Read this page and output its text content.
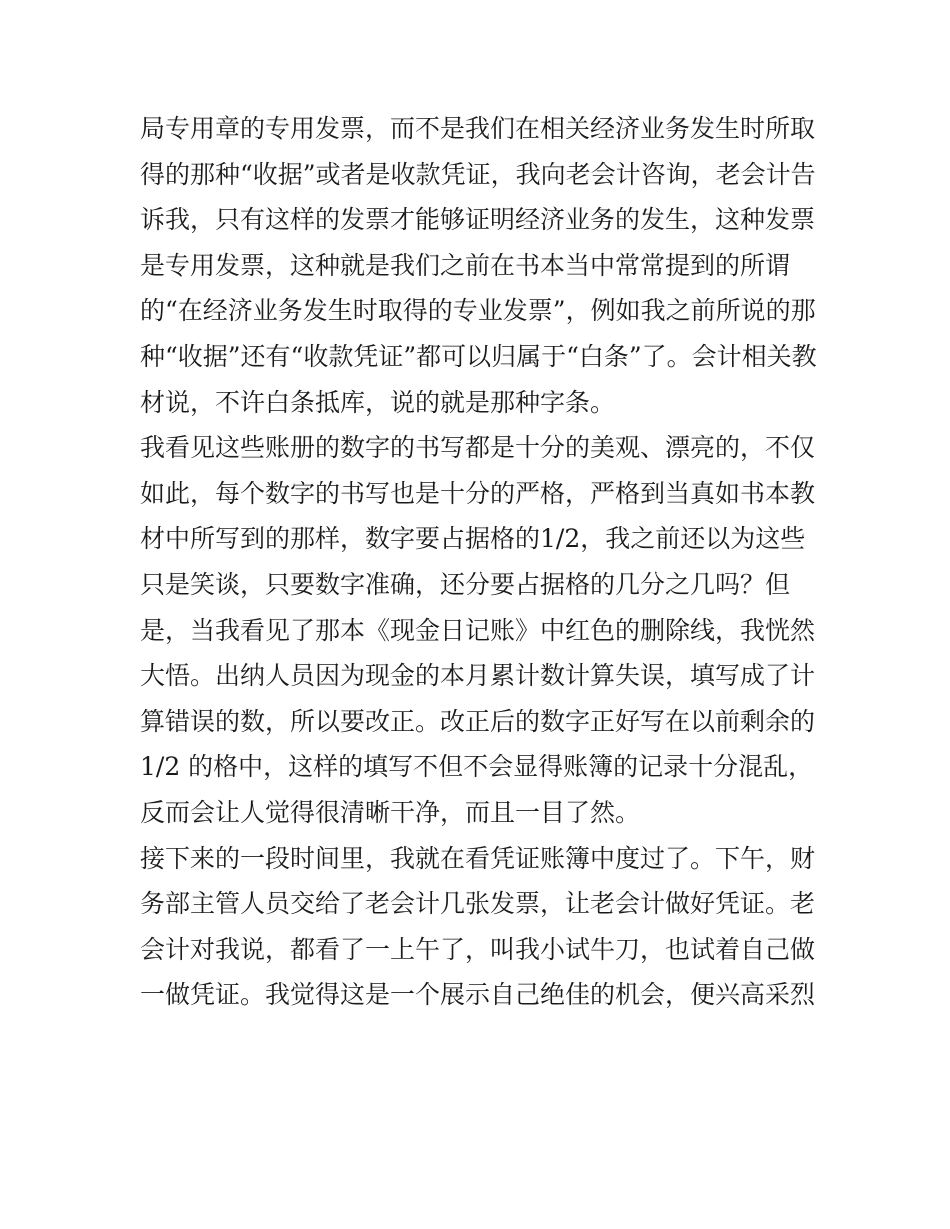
局专用章的专用发票，而不是我们在相关经济业务发生时所取
得的那种“收据”或者是收款凭证，我向老会计咨询，老会计告
诉我，只有这样的发票才能够证明经济业务的发生，这种发票
是专用发票，这种就是我们之前在书本当中常常提到的所谓
的“在经济业务发生时取得的专业发票”，例如我之前所说的那
种“收据”还有“收款凭证”都可以归属于“白条”了。会计相关教
材说，不许白条抵库，说的就是那种字条。
我看见这些账册的数字的书写都是十分的美观、漂亮的，不仅
如此，每个数字的书写也是十分的严格，严格到当真如书本教
材中所写到的那样，数字要占据格的1/2，我之前还以为这些
只是笑谈，只要数字准确，还分要占据格的几分之几吗？但
是，当我看见了那本《现金日记账》中红色的删除线，我恍然
大悟。出纳人员因为现金的本月累计数计算失误，填写成了计
算错误的数，所以要改正。改正后的数字正好写在以前剩余的
1/2 的格中，这样的填写不但不会显得账簿的记录十分混乱，
反而会让人觉得很清晰干净，而且一目了然。
接下来的一段时间里，我就在看凭证账簿中度过了。下午，财
务部主管人员交给了老会计几张发票，让老会计做好凭证。老
会计对我说，都看了一上午了，叫我小试牛刀，也试着自己做
一做凭证。我觉得这是一个展示自己绝佳的机会，便兴高采烈
